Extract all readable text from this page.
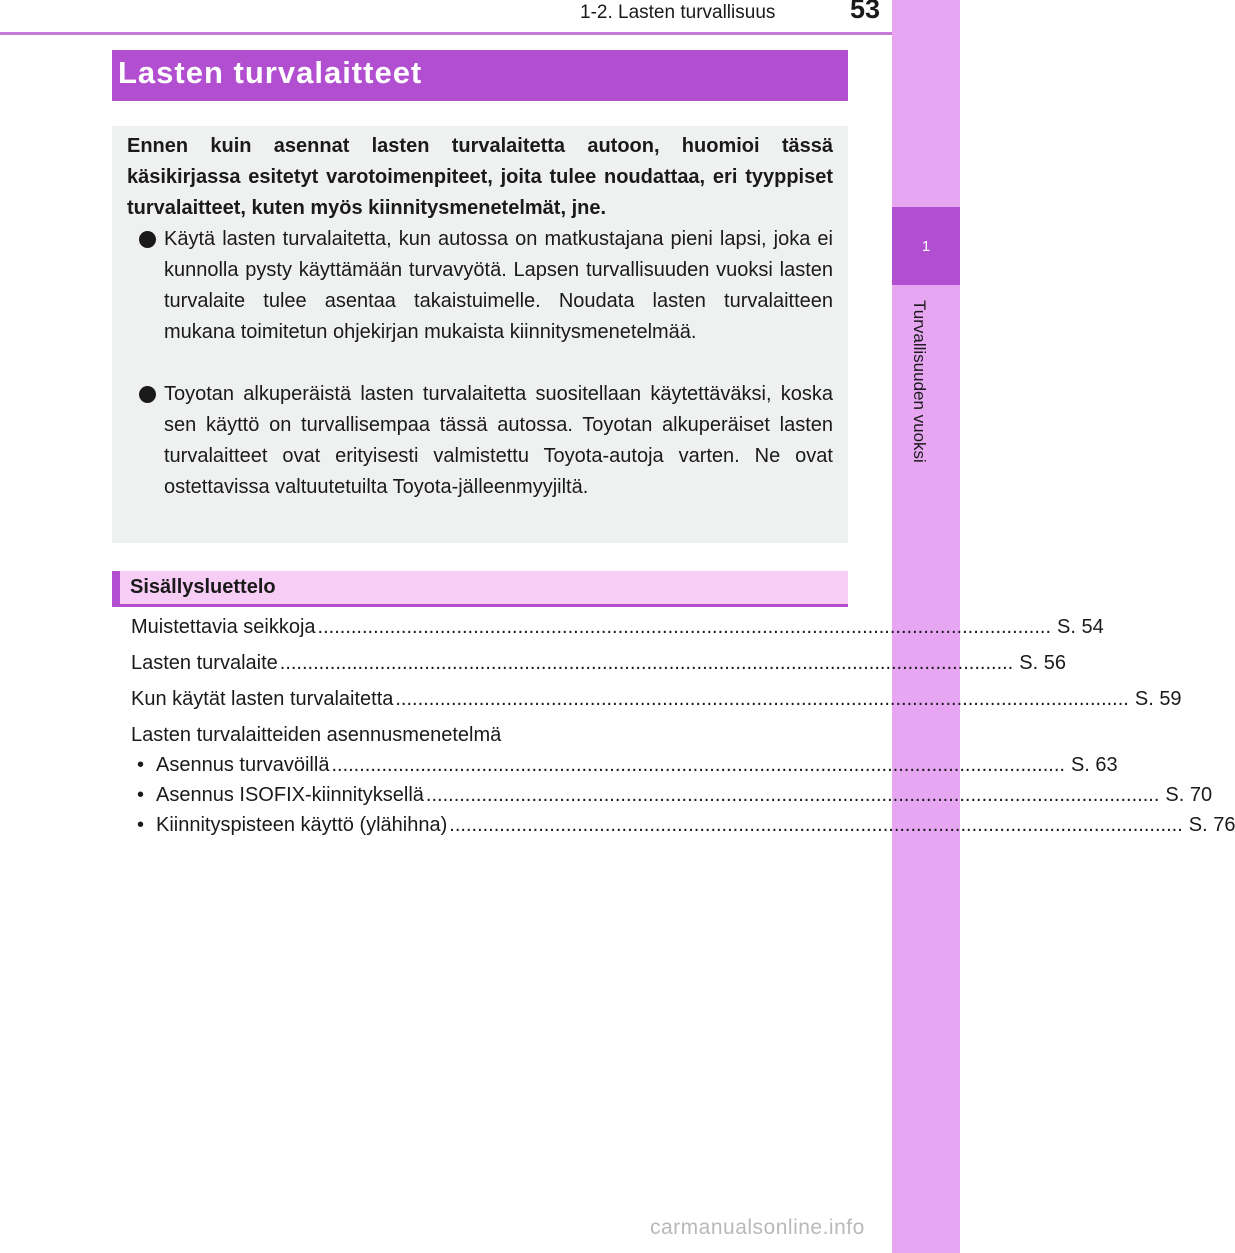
1-2. Lasten turvallisuus	53
1
Turvallisuuden vuoksi
Lasten turvalaitteet

Ennen kuin asennat lasten turvalaitetta autoon, huomioi tässä käsikirjassa esitetyt varotoimenpiteet, joita tulee noudattaa, eri tyyppiset turvalaitteet, kuten myös kiinnitysmenetelmät, jne.

Käytä lasten turvalaitetta, kun autossa on matkustajana pieni lapsi, joka ei kunnolla pysty käyttämään turvavyötä. Lapsen turvallisuuden vuoksi lasten turvalaite tulee asentaa takaistuimelle. Noudata lasten turvalaitteen mukana toimitetun ohjekirjan mukaista kiinnitysmenetelmää.

Toyotan alkuperäistä lasten turvalaitetta suositellaan käytettäväksi, koska sen käyttö on turvallisempaa tässä autossa. Toyotan alkuperäiset lasten turvalaitteet ovat erityisesti valmistettu Toyota-autoja varten. Ne ovat ostettavissa valtuutetuilta Toyota-jälleenmyyjiltä.

Sisällysluettelo
Muistettavia seikkoja .................................................................................................................................... S. 54
Lasten turvalaite .................................................................................................................................... S. 56
Kun käytät lasten turvalaitetta .................................................................................................................................... S. 59
Lasten turvalaitteiden asennusmenetelmä
• Asennus turvavöillä .................................................................................................................................... S. 63
• Asennus ISOFIX-kiinnityksellä .................................................................................................................................... S. 70
• Kiinnityspisteen käyttö (ylähihna) .................................................................................................................................... S. 76
carmanualsonline.info
